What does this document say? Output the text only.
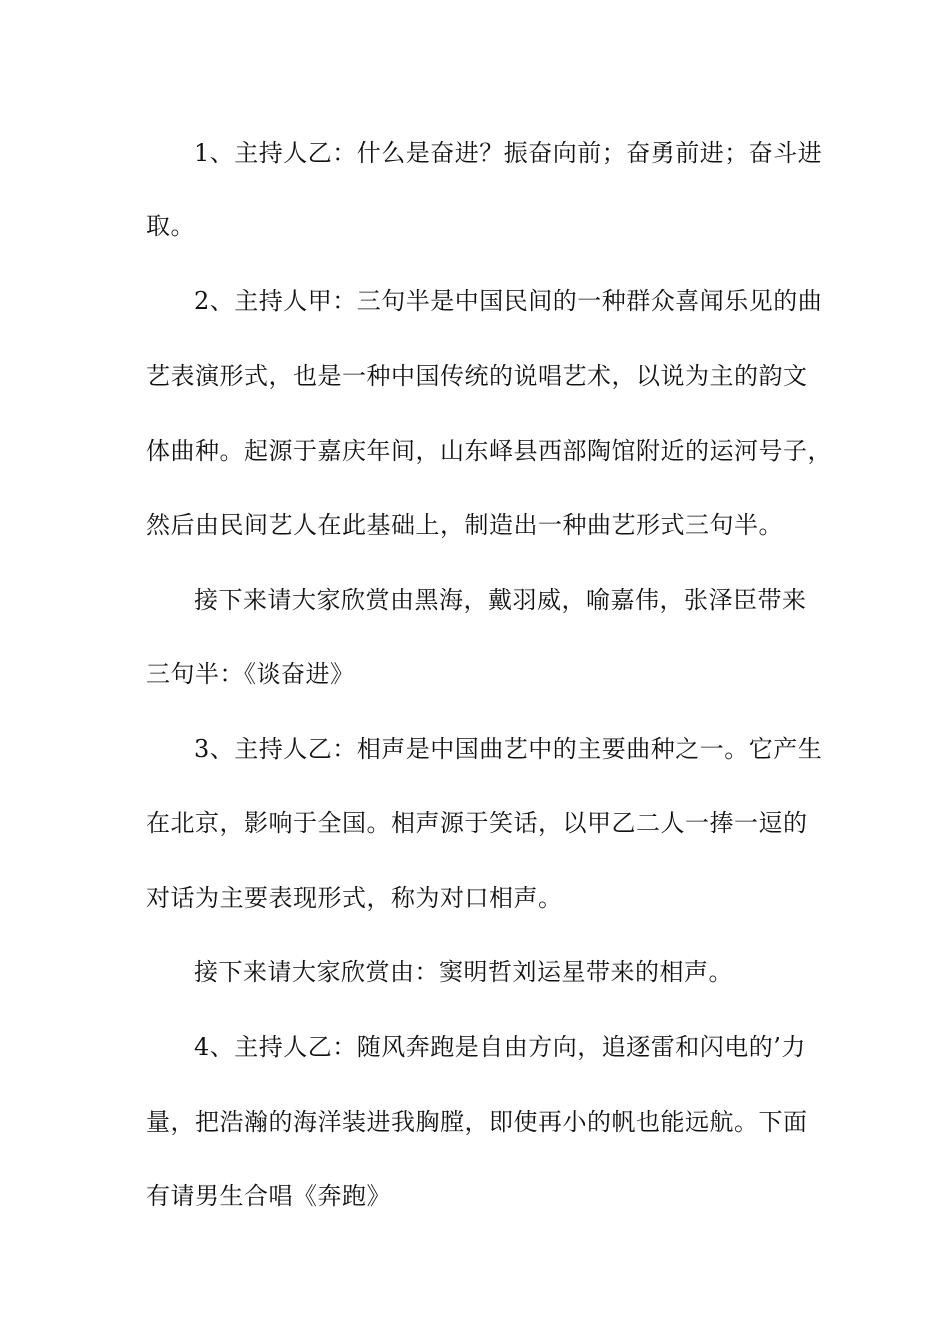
1、主持人乙：什么是奋进？振奋向前；奋勇前进；奋斗进
取。
2、主持人甲：三句半是中国民间的一种群众喜闻乐见的曲
艺表演形式，也是一种中国传统的说唱艺术，以说为主的韵文
体曲种。起源于嘉庆年间，山东峄县西部陶馆附近的运河号子，
然后由民间艺人在此基础上，制造出一种曲艺形式三句半。
接下来请大家欣赏由黑海，戴羽威，喻嘉伟，张泽臣带来
三句半：《谈奋进》
3、主持人乙：相声是中国曲艺中的主要曲种之一。它产生
在北京，影响于全国。相声源于笑话，以甲乙二人一捧一逗的
对话为主要表现形式，称为对口相声。
接下来请大家欣赏由：窦明哲刘运星带来的相声。
4、主持人乙：随风奔跑是自由方向，追逐雷和闪电的’力
量，把浩瀚的海洋装进我胸膛，即使再小的帆也能远航。下面
有请男生合唱《奔跑》
